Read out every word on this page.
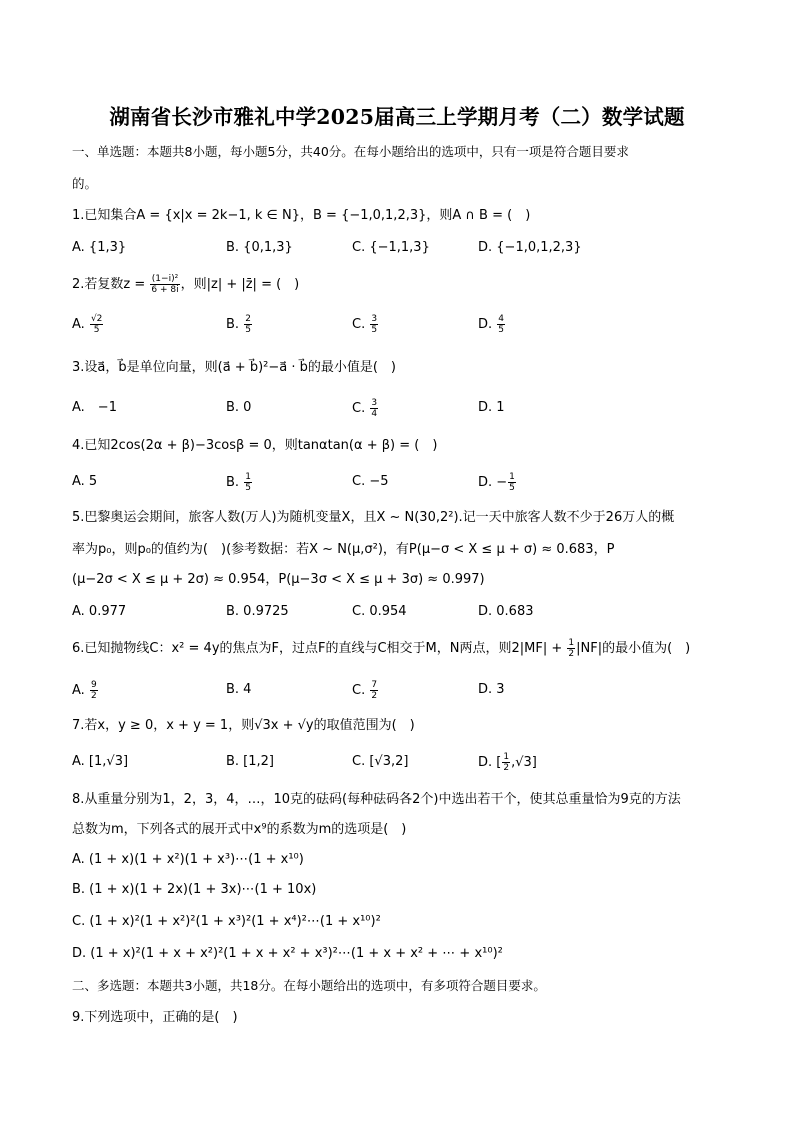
湖南省长沙市雅礼中学2025届高三上学期月考（二）数学试题
一、单选题：本题共8小题，每小题5分，共40分。在每小题给出的选项中，只有一项是符合题目要求
的。
1.已知集合A = {x|x = 2k−1, k ∈ N}，B = {−1,0,1,2,3}，则A ∩ B = (　)
A. {1,3}	B. {0,1,3}	C. {−1,1,3}	D. {−1,0,1,2,3}
2.若复数$z = \frac{\text{(1−i)²}}{6 + 8i}$ ，则|z| + |z̄| = (　)
A. $\frac{√2}{5}$	B. $\frac{2}{5}$	C. $\frac{3}{5}$	D. $\frac{4}{5}$
3.设a⃗，b⃗是单位向量，则(a⃗ + b⃗)²−a⃗ · b⃗的最小值是(　)
A.　−1	B. 0	C. $\frac{3}{4}$	D. 1
4.已知2cos(2α + β)−3cosβ = 0，则tanαtan(α + β) = (　)
A. 5	B. $\frac{1}{5}$	C. −5	D. − $\frac{1}{5}$
5.巴黎奥运会期间，旅客人数(万人)为随机变量X，且X ~ N(30,2²).记一天中旅客人数不少于26万人的概
率为p₀，则p₀的值约为(　)(参考数据：若X ~ N(μ,σ²)，有P(μ−σ < X ≤ μ + σ) ≈ 0.683，P
(μ−2σ < X ≤ μ + 2σ) ≈ 0.954，P(μ−3σ < X ≤ μ + 3σ) ≈ 0.997)
A. 0.977	B. 0.9725	C. 0.954	D. 0.683
6.已知抛物线C：x² = 4y的焦点为F，过点F的直线与C相交于M，N两点，则$2|MF| + \frac{1}{2} |NF|$的最小值为(　)
A. $\frac{9}{2}$	B. 4	C. $\frac{7}{2}$	D. 3
7.若x，y ≥ 0，x + y = 1，则√3x + √y的取值范围为(　)
A. [1,√3]	B. [1,2]	C. [√3,2]	D. [ $\frac{1}{2} ,√3$]
8.从重量分别为1，2，3，4，…，10克的砝码(每种砝码各2个)中选出若干个，使其总重量恰为9克的方法
总数为m，下列各式的展开式中x⁹的系数为m的选项是(　)
A. (1 + x)(1 + x²)(1 + x³)⋯(1 + x¹⁰)
B. (1 + x)(1 + 2x)(1 + 3x)⋯(1 + 10x)
C. (1 + x)²(1 + x²)²(1 + x³)²(1 + x⁴)²⋯(1 + x¹⁰)²
D. (1 + x)²(1 + x + x²)²(1 + x + x² + x³)²⋯(1 + x + x² + ⋯ + x¹⁰)²
二、多选题：本题共3小题，共18分。在每小题给出的选项中，有多项符合题目要求。
9.下列选项中，正确的是(　)
